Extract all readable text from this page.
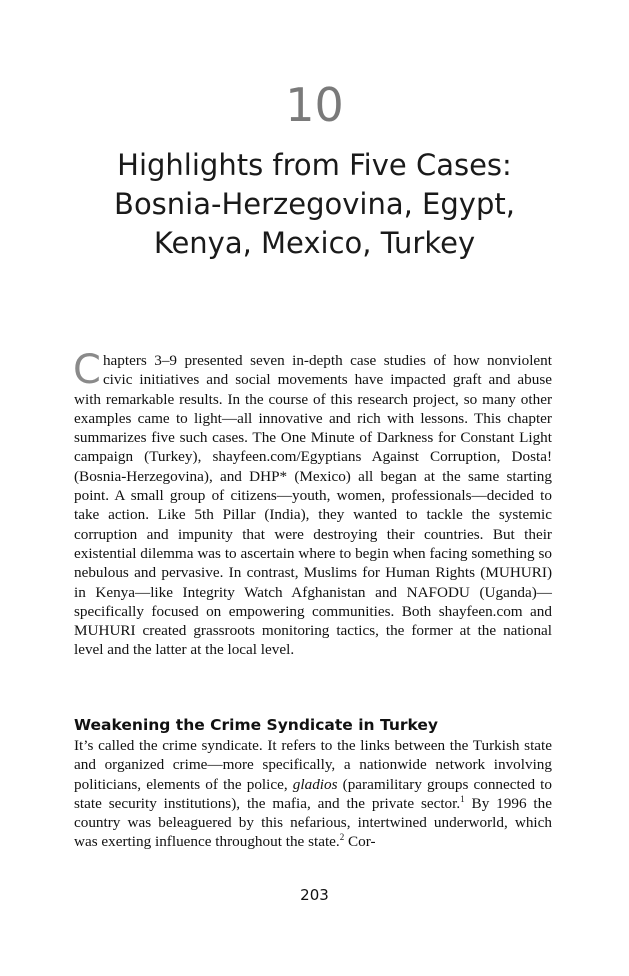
10
Highlights from Five Cases:
Bosnia-Herzegovina, Egypt,
Kenya, Mexico, Turkey
Chapters 3–9 presented seven in-depth case studies of how nonviolent civic initiatives and social movements have impacted graft and abuse with remarkable results. In the course of this research project, so many other examples came to light—all innovative and rich with lessons. This chapter summarizes five such cases. The One Minute of Darkness for Constant Light campaign (Turkey), shayfeen.com/Egyptians Against Corruption, Dosta! (Bosnia-Herzegovina), and DHP* (Mexico) all began at the same starting point. A small group of citizens—youth, women, professionals—decided to take action. Like 5th Pillar (India), they wanted to tackle the systemic corruption and impunity that were destroying their countries. But their existential dilemma was to ascertain where to begin when facing something so nebulous and pervasive. In contrast, Muslims for Human Rights (MUHURI) in Kenya—like Integrity Watch Afghanistan and NAFODU (Uganda)—specifically focused on empowering communities. Both shayfeen.com and MUHURI created grassroots monitoring tactics, the former at the national level and the latter at the local level.
Weakening the Crime Syndicate in Turkey
It’s called the crime syndicate. It refers to the links between the Turkish state and organized crime—more specifically, a nationwide network involving politicians, elements of the police, gladios (paramilitary groups connected to state security institutions), the mafia, and the private sector.$^1$ By 1996 the country was beleaguered by this nefarious, intertwined underworld, which was exerting influence throughout the state.$^2$ Cor-
203
